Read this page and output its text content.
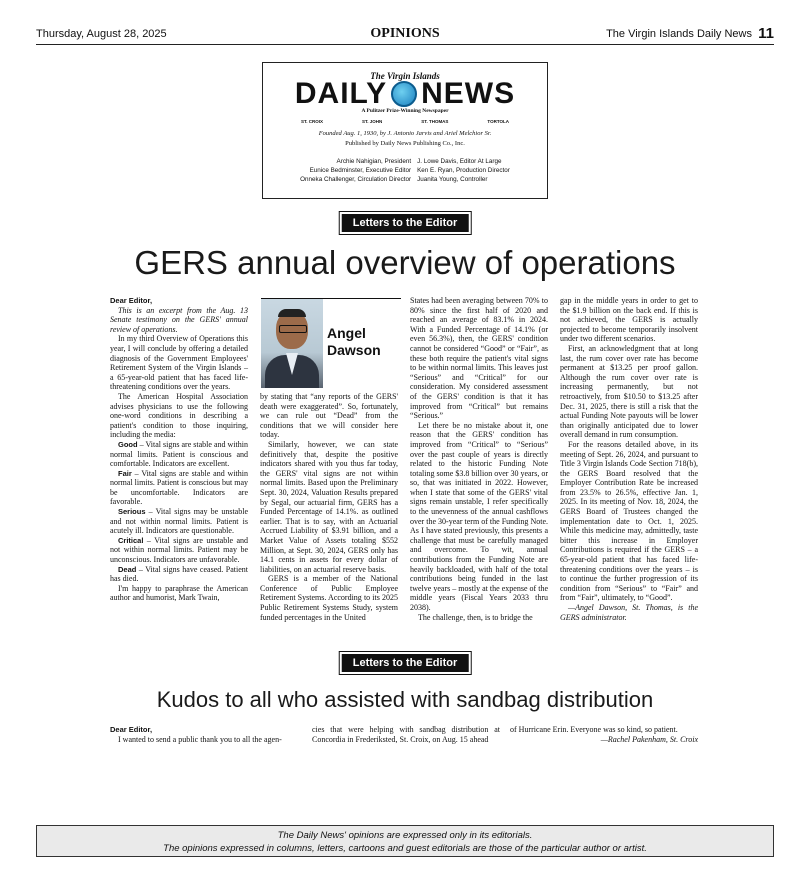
Thursday, August 28, 2025	OPINIONS	The Virgin Islands Daily News 11
The Virgin Islands
DAILY NEWS
A Pulitzer Prize-Winning Newspaper
ST. CROIX	ST. JOHN	ST. THOMAS	TORTOLA
Founded Aug. 1, 1930, by J. Antonio Jarvis and Ariel Melchior Sr.
Published by Daily News Publishing Co., Inc.
Archie Nahigian, President
Eunice Bedminster, Executive Editor
Onneka Challenger, Circulation Director
J. Lowe Davis, Editor At Large
Ken E. Ryan, Production Director
Juanita Young, Controller
Letters to the Editor
GERS annual overview of operations

Dear Editor,

This is an excerpt from the Aug. 13 Senate testimony on the GERS' annual review of operations.

In my third Overview of Operations this year, I will conclude by offering a detailed diagnosis of the Government Employees' Retirement System of the Virgin Islands – a 65-year-old patient that has faced life-threatening conditions over the years.

The American Hospital Association advises physicians to use the following one-word conditions in describing a patient's condition to those inquiring, including the media:

Good – Vital signs are stable and within normal limits. Patient is conscious and comfortable. Indicators are excellent.

Fair – Vital signs are stable and within normal limits. Patient is conscious but may be uncomfortable. Indicators are favorable.

Serious – Vital signs may be unstable and not within normal limits. Patient is acutely ill. Indicators are questionable.

Critical – Vital signs are unstable and not within normal limits. Patient may be unconscious. Indicators are unfavorable.

Dead – Vital signs have ceased. Patient has died.

I'm happy to paraphrase the American author and humorist, Mark Twain,

Angel Dawson

by stating that “any reports of the GERS' death were exaggerated”. So, fortunately, we can rule out “Dead” from the conditions that we will consider here today.

Similarly, however, we can state definitively that, despite the positive indicators shared with you thus far today, the GERS' vital signs are not within normal limits. Based upon the Preliminary Sept. 30, 2024, Valuation Results prepared by Segal, our actuarial firm, GERS has a Funded Percentage of 14.1%. as outlined earlier. That is to say, with an Actuarial Accrued Liability of $3.91 billion, and a Market Value of Assets totaling $552 Million, at Sept. 30, 2024, GERS only has 14.1 cents in assets for every dollar of liabilities, on an actuarial reserve basis.

GERS is a member of the National Conference of Public Employee Retirement Systems. According to its 2025 Public Retirement Systems Study, system funded percentages in the United

States had been averaging between 70% to 80% since the first half of 2020 and reached an average of 83.1% in 2024. With a Funded Percentage of 14.1% (or even 56.3%), then, the GERS' condition cannot be considered “Good” or “Fair”, as these both require the patient's vital signs to be within normal limits. This leaves just “Serious” and “Critical” for our consideration. My considered assessment of the GERS' condition is that it has improved from “Critical” but remains “Serious.”

Let there be no mistake about it, one reason that the GERS' condition has improved from “Critical” to “Serious” over the past couple of years is directly related to the historic Funding Note totaling some $3.8 billion over 30 years, or so, that was initiated in 2022. However, when I state that some of the GERS' vital signs remain unstable, I refer specifically to the unevenness of the annual cashflows over the 30-year term of the Funding Note. As I have stated previously, this presents a challenge that must be carefully managed and overcome. To wit, annual contributions from the Funding Note are heavily backloaded, with half of the total contributions being funded in the last twelve years – mostly at the expense of the middle years (Fiscal Years 2033 thru 2038).

The challenge, then, is to bridge the

gap in the middle years in order to get to the $1.9 billion on the back end. If this is not achieved, the GERS is actually projected to become temporarily insolvent under two different scenarios.

First, an acknowledgment that at long last, the rum cover over rate has become permanent at $13.25 per proof gallon. Although the rum cover over rate is increasing permanently, but not retroactively, from $10.50 to $13.25 after Dec. 31, 2025, there is still a risk that the actual Funding Note payouts will be lower than originally anticipated due to lower overall demand in rum consumption.

For the reasons detailed above, in its meeting of Sept. 26, 2024, and pursuant to Title 3 Virgin Islands Code Section 718(b), the GERS Board resolved that the Employer Contribution Rate be increased from 23.5% to 26.5%, effective Jan. 1, 2025. In its meeting of Nov. 18, 2024, the GERS Board of Trustees changed the implementation date to Oct. 1, 2025. While this medicine may, admittedly, taste bitter this increase in Employer Contributions is required if the GERS – a 65-year-old patient that has faced life-threatening conditions over the years – is to continue the further progression of its condition from “Serious” to “Fair” and from “Fair”, ultimately, to “Good”.

—Angel Dawson, St. Thomas, is the GERS administrator.

Letters to the Editor
Kudos to all who assisted with sandbag distribution

Dear Editor,

I wanted to send a public thank you to all the agen-

cies that were helping with sandbag distribution at Concordia in Frederiksted, St. Croix, on Aug. 15 ahead

of Hurricane Erin. Everyone was so kind, so patient.

—Rachel Pakenham, St. Croix

The Daily News' opinions are expressed only in its editorials.
The opinions expressed in columns, letters, cartoons and guest editorials are those of the particular author or artist.
